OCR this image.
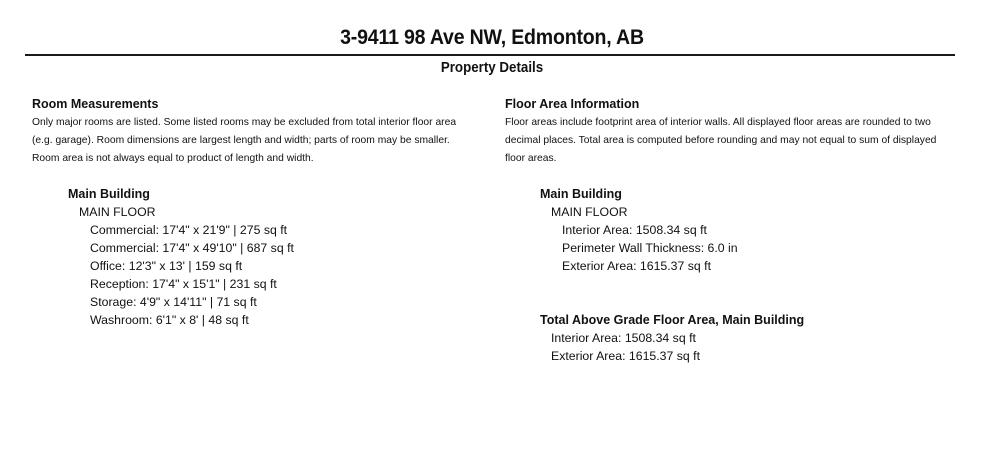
3-9411 98 Ave NW, Edmonton, AB
Property Details
Room Measurements
Only major rooms are listed. Some listed rooms may be excluded from total interior floor area
(e.g. garage). Room dimensions are largest length and width; parts of room may be smaller.
Room area is not always equal to product of length and width.
Main Building
MAIN FLOOR
Commercial: 17'4" x 21'9" | 275 sq ft
Commercial: 17'4" x 49'10" | 687 sq ft
Office: 12'3" x 13' | 159 sq ft
Reception: 17'4" x 15'1" | 231 sq ft
Storage: 4'9" x 14'11" | 71 sq ft
Washroom: 6'1" x 8' | 48 sq ft
Floor Area Information
Floor areas include footprint area of interior walls. All displayed floor areas are rounded to two
decimal places. Total area is computed before rounding and may not equal to sum of displayed
floor areas.
Main Building
MAIN FLOOR
Interior Area: 1508.34 sq ft
Perimeter Wall Thickness: 6.0 in
Exterior Area: 1615.37 sq ft
Total Above Grade Floor Area, Main Building
Interior Area: 1508.34 sq ft
Exterior Area: 1615.37 sq ft
